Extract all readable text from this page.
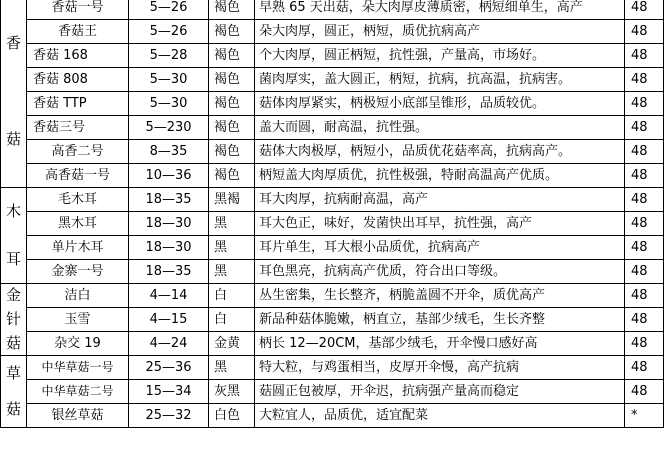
香
菇	香菇一号	5—26	褐色	早熟 65 天出菇，朵大肉厚皮薄质密，柄短细单生，高产	48
	香菇王	5—26	褐色	朵大肉厚，圆正，柄短，质优抗病高产	48
	香菇 168	5—28	褐色	个大肉厚，圆正柄短，抗性强，产量高，市场好。	48
	香菇 808	5—30	褐色	菌肉厚实，盖大圆正，柄短，抗病，抗高温，抗病害。	48
	香菇 TTP	5—30	褐色	菇体肉厚紧实，柄极短小底部呈锥形，品质较优。	48
	香菇三号	5—230	褐色	盖大而圆，耐高温，抗性强。	48
	高香二号	8—35	褐色	菇体大肉极厚，柄短小，品质优花菇率高，抗病高产。	48
	高香菇一号	10—36	褐色	柄短盖大肉厚质优，抗性极强，特耐高温高产优质。	48

木
耳	毛木耳	18—35	黑褐	耳大肉厚，抗病耐高温，高产	48
	黑木耳	18—30	黑	耳大色正，味好，发菌快出耳早，抗性强，高产	48
	单片木耳	18—30	黑	耳片单生，耳大根小品质优，抗病高产	48
	金寨一号	18—35	黑	耳色黑亮，抗病高产优质，符合出口等级。	48

金
针
菇	洁白	4—14	白	丛生密集，生长整齐，柄脆盖圆不开伞，质优高产	48
	玉雪	4—15	白	新品种菇体脆嫩，柄直立，基部少绒毛，生长齐整	48
	杂交 19	4—24	金黄	柄长 12—20CM，基部少绒毛，开伞慢口感好高	48

草
菇	中华草菇一号	25—36	黑	特大粒，与鸡蛋相当，皮厚开伞慢，高产抗病	48
	中华草菇二号	15—34	灰黑	菇圆正包被厚，开伞迟，抗病强产量高而稳定	48
	银丝草菇	25—32	白色	大粒宜人，品质优，适宜配菜	*
